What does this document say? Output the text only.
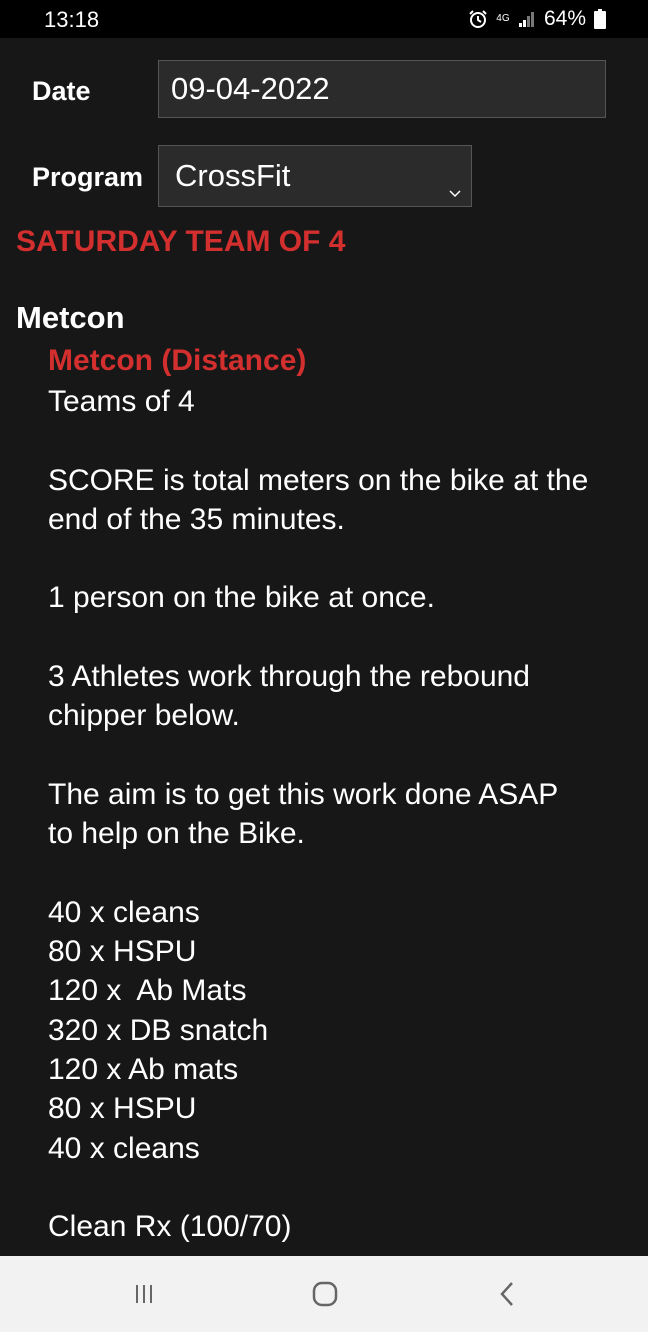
13:18	4G 64%
Date	09-04-2022
Program CrossFit
SATURDAY TEAM OF 4
Metcon
Metcon (Distance)
Teams of 4

SCORE is total meters on the bike at the
end of the 35 minutes.

1 person on the bike at once.

3 Athletes work through the rebound
chipper below.

The aim is to get this work done ASAP
to help on the Bike.

40 x cleans
80 x HSPU
120 x  Ab Mats
320 x DB snatch
120 x Ab mats
80 x HSPU
40 x cleans

Clean Rx (100/70)
